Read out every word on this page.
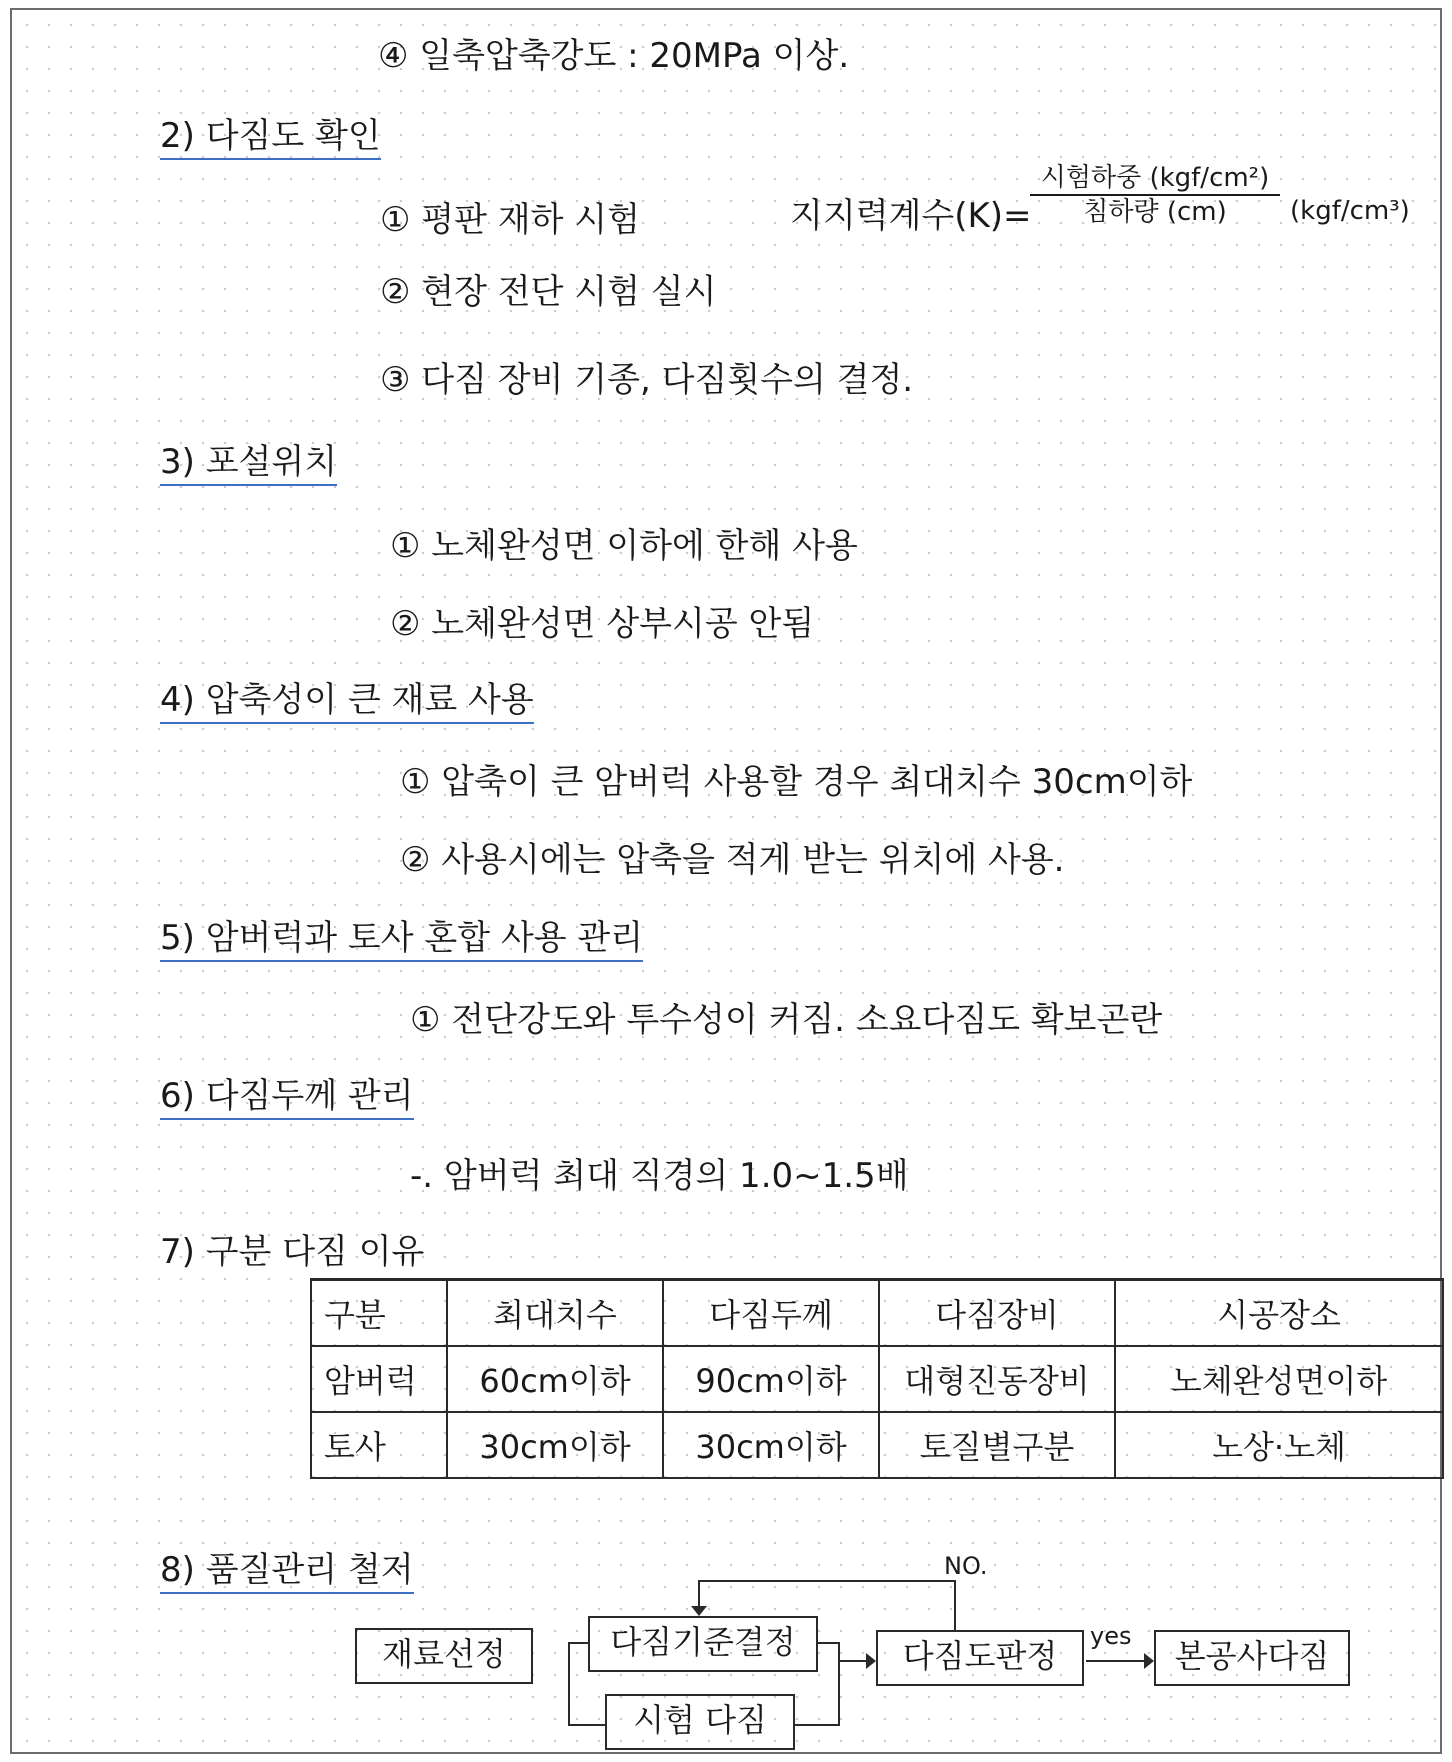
④ 일축압축강도 : 20MPa 이상.
2) 다짐도 확인
① 평판 재하 시험	지지력계수(K)=
시험하중 (kgf/cm²)
침하량 (cm)	(kgf/cm³)
② 현장 전단 시험 실시
③ 다짐 장비 기종, 다짐횟수의 결정.
3) 포설위치
① 노체완성면 이하에 한해 사용
② 노체완성면 상부시공 안됨
4) 압축성이 큰 재료 사용
① 압축이 큰 암버럭 사용할 경우 최대치수 30cm이하
② 사용시에는 압축을 적게 받는 위치에 사용.
5) 암버럭과 토사 혼합 사용 관리
① 전단강도와 투수성이 커짐. 소요다짐도 확보곤란
6) 다짐두께 관리
-. 암버럭 최대 직경의 1.0~1.5배
7) 구분 다짐 이유
구분	최대치수	다짐두께	다짐장비	시공장소
암버럭	60cm이하	90cm이하	대형진동장비	노체완성면이하
토사	30cm이하	30cm이하	토질별구분	노상·노체
8) 품질관리 철저
재료선정	다짐기준결정
시험 다짐
다짐도판정	본공사다짐
NO.
yes
